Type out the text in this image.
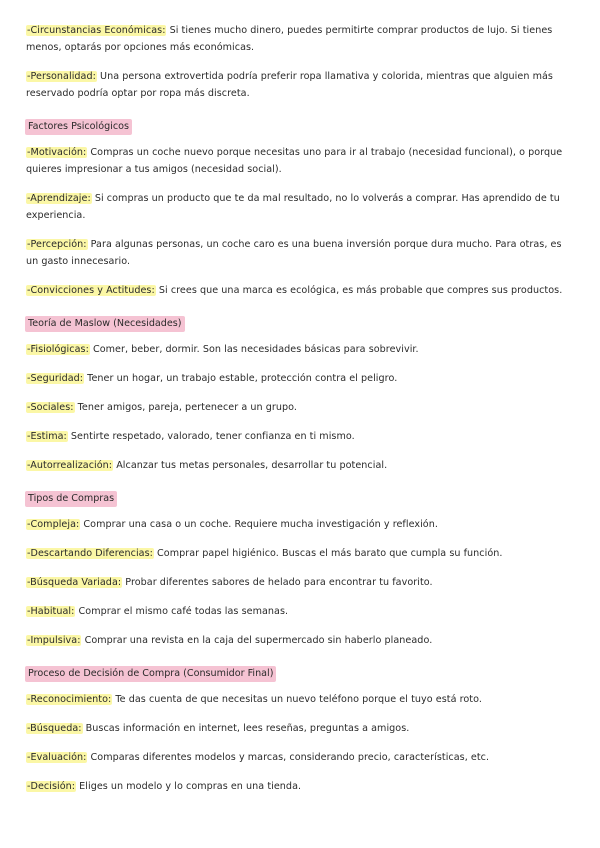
-Circunstancias Económicas: Si tienes mucho dinero, puedes permitirte comprar productos de lujo. Si tienes menos, optarás por opciones más económicas.
-Personalidad: Una persona extrovertida podría preferir ropa llamativa y colorida, mientras que alguien más reservado podría optar por ropa más discreta.
Factores Psicológicos
-Motivación: Compras un coche nuevo porque necesitas uno para ir al trabajo (necesidad funcional), o porque quieres impresionar a tus amigos (necesidad social).
-Aprendizaje: Si compras un producto que te da mal resultado, no lo volverás a comprar. Has aprendido de tu experiencia.
-Percepción: Para algunas personas, un coche caro es una buena inversión porque dura mucho. Para otras, es un gasto innecesario.
-Convicciones y Actitudes: Si crees que una marca es ecológica, es más probable que compres sus productos.
Teoría de Maslow (Necesidades)
-Fisiológicas: Comer, beber, dormir. Son las necesidades básicas para sobrevivir.
-Seguridad: Tener un hogar, un trabajo estable, protección contra el peligro.
-Sociales: Tener amigos, pareja, pertenecer a un grupo.
-Estima: Sentirte respetado, valorado, tener confianza en ti mismo.
-Autorrealización: Alcanzar tus metas personales, desarrollar tu potencial.
Tipos de Compras
-Compleja: Comprar una casa o un coche. Requiere mucha investigación y reflexión.
-Descartando Diferencias: Comprar papel higiénico. Buscas el más barato que cumpla su función.
-Búsqueda Variada: Probar diferentes sabores de helado para encontrar tu favorito.
-Habitual: Comprar el mismo café todas las semanas.
-Impulsiva: Comprar una revista en la caja del supermercado sin haberlo planeado.
Proceso de Decisión de Compra (Consumidor Final)
-Reconocimiento: Te das cuenta de que necesitas un nuevo teléfono porque el tuyo está roto.
-Búsqueda: Buscas información en internet, lees reseñas, preguntas a amigos.
-Evaluación: Comparas diferentes modelos y marcas, considerando precio, características, etc.
-Decisión: Eliges un modelo y lo compras en una tienda.
